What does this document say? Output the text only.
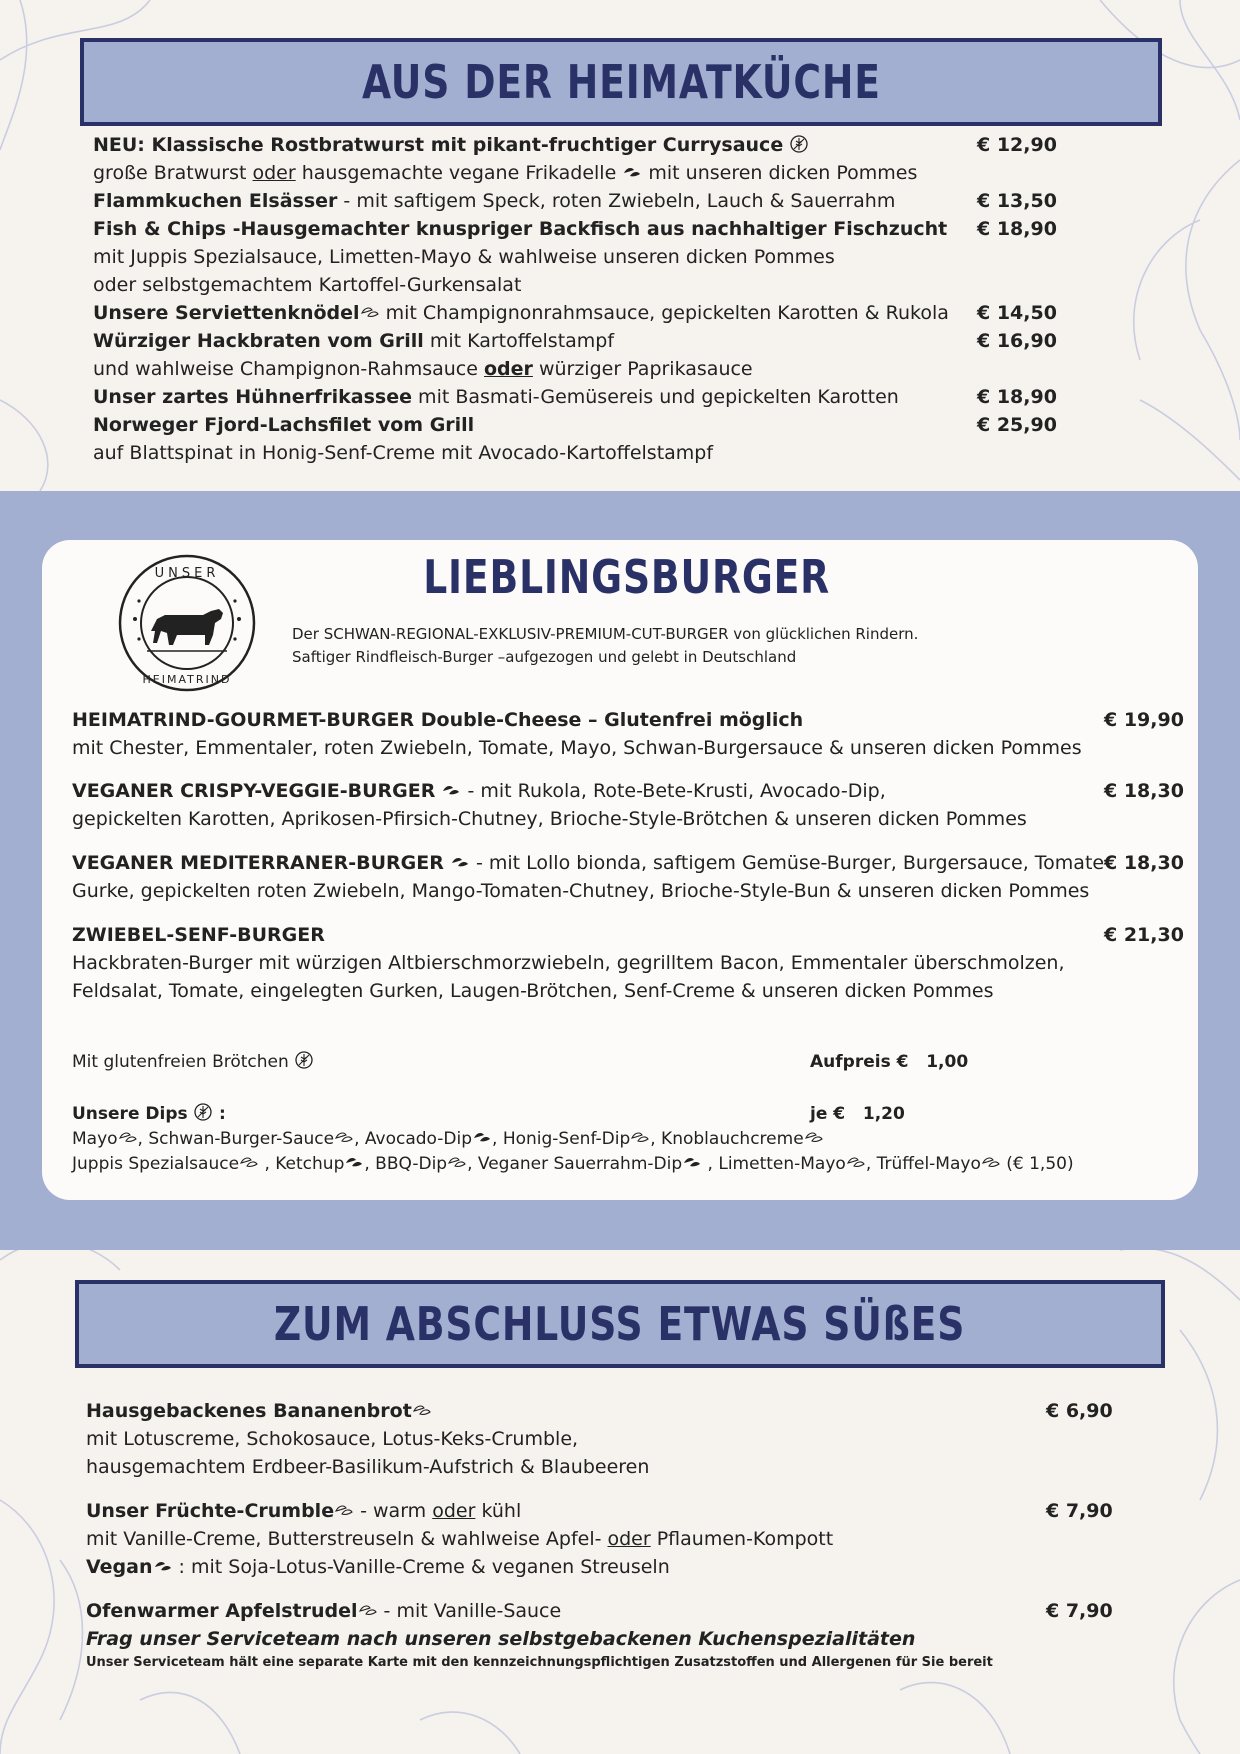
AUS DER HEIMATKÜCHE
NEU: Klassische Rostbratwurst mit pikant-fruchtiger Currysauce	€ 12,90
große Bratwurst oder hausgemachte vegane Frikadelle  mit unseren dicken Pommes
Flammkuchen Elsässer - mit saftigem Speck, roten Zwiebeln, Lauch & Sauerrahm	€ 13,50
Fish & Chips -Hausgemachter knuspriger Backfisch aus nachhaltiger Fischzucht € 18,90
mit Juppis Spezialsauce, Limetten-Mayo & wahlweise unseren dicken Pommes
oder selbstgemachtem Kartoffel-Gurkensalat
Unsere Serviettenknödel mit Champignonrahmsauce, gepickelten Karotten & Rukola € 14,50
Würziger Hackbraten vom Grill mit Kartoffelstampf	€ 16,90
und wahlweise Champignon-Rahmsauce oder würziger Paprikasauce
Unser zartes Hühnerfrikassee mit Basmati-Gemüsereis und gepickelten Karotten	€ 18,90
Norweger Fjord-Lachsfilet vom Grill	€ 25,90
auf Blattspinat in Honig-Senf-Creme mit Avocado-Kartoffelstampf
UNSER
HEIMATRIND
LIEBLINGSBURGER
Der SCHWAN-REGIONAL-EXKLUSIV-PREMIUM-CUT-BURGER von glücklichen Rindern.
Saftiger Rindfleisch-Burger –aufgezogen und gelebt in Deutschland
HEIMATRIND-GOURMET-BURGER Double-Cheese – Glutenfrei möglich	€ 19,90
mit Chester, Emmentaler, roten Zwiebeln, Tomate, Mayo, Schwan-Burgersauce & unseren dicken Pommes
VEGANER CRISPY-VEGGIE-BURGER  - mit Rukola, Rote-Bete-Krusti, Avocado-Dip,	€ 18,30
gepickelten Karotten, Aprikosen-Pfirsich-Chutney, Brioche-Style-Brötchen & unseren dicken Pommes
VEGANER MEDITERRANER-BURGER  - mit Lollo bionda, saftigem Gemüse-Burger, Burgersauce, Tomate € 18,30
Gurke, gepickelten roten Zwiebeln, Mango-Tomaten-Chutney, Brioche-Style-Bun & unseren dicken Pommes
ZWIEBEL-SENF-BURGER	€ 21,30
Hackbraten-Burger mit würzigen Altbierschmorzwiebeln, gegrilltem Bacon, Emmentaler überschmolzen,
Feldsalat, Tomate, eingelegten Gurken, Laugen-Brötchen, Senf-Creme & unseren dicken Pommes
Mit glutenfreien Brötchen	Aufpreis € 1,00
Unsere Dips  :	je € 1,20
Mayo , Schwan-Burger-Sauce , Avocado-Dip , Honig-Senf-Dip , Knoblauchcreme
Juppis Spezialsauce , Ketchup , BBQ-Dip , Veganer Sauerrahm-Dip , Limetten-Mayo , Trüffel-Mayo (€ 1,50)
ZUM ABSCHLUSS ETWAS SÜßES
Hausgebackenes Bananenbrot	€ 6,90
mit Lotuscreme, Schokosauce, Lotus-Keks-Crumble,
hausgemachtem Erdbeer-Basilikum-Aufstrich & Blaubeeren
Unser Früchte-Crumble - warm oder kühl	€ 7,90
mit Vanille-Creme, Butterstreuseln & wahlweise Apfel- oder Pflaumen-Kompott
Vegan : mit Soja-Lotus-Vanille-Creme & veganen Streuseln
Ofenwarmer Apfelstrudel - mit Vanille-Sauce	€ 7,90
Frag unser Serviceteam nach unseren selbstgebackenen Kuchenspezialitäten
Unser Serviceteam hält eine separate Karte mit den kennzeichnungspflichtigen Zusatzstoffen und Allergenen für Sie bereit
